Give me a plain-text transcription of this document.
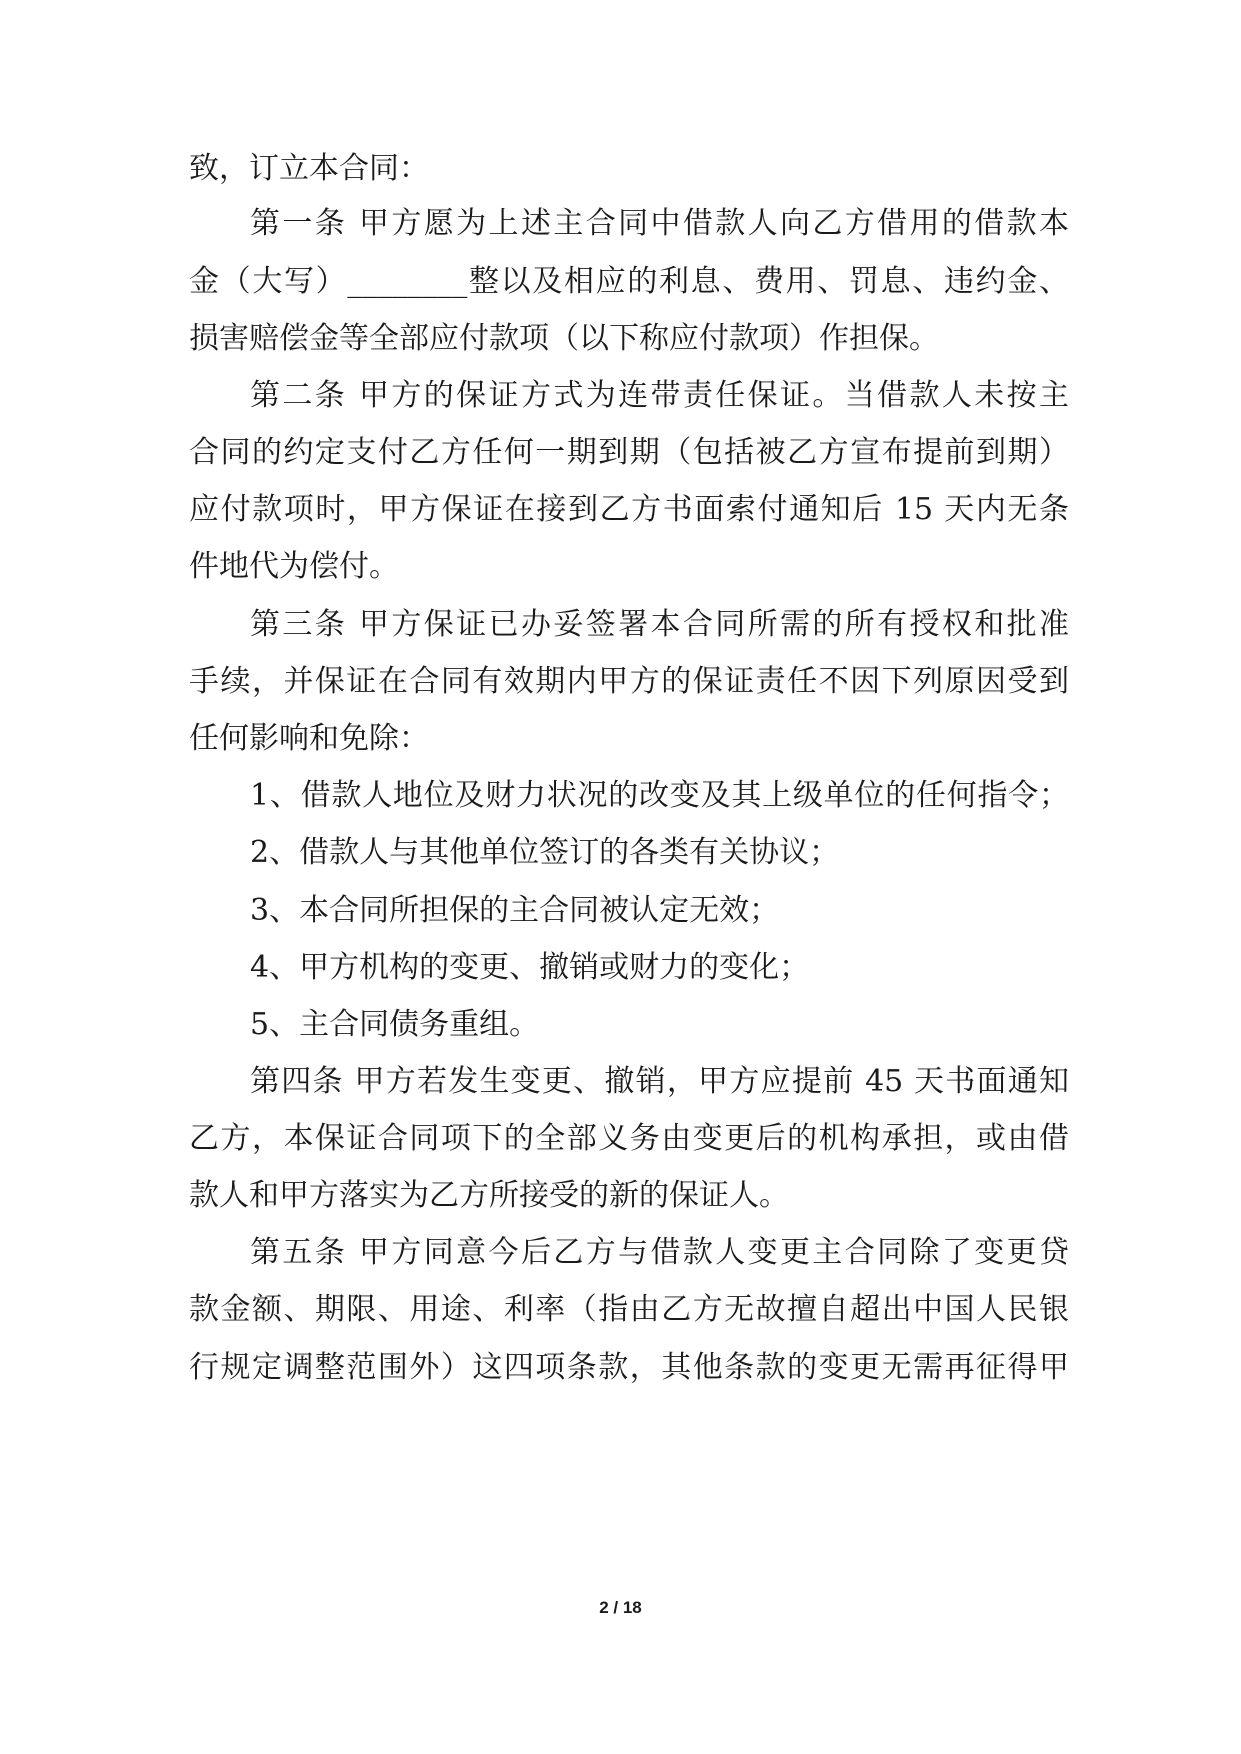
致，订立本合同：
第一条 甲方愿为上述主合同中借款人向乙方借用的借款本
金（大写）________整以及相应的利息、费用、罚息、违约金、
损害赔偿金等全部应付款项（以下称应付款项）作担保。
第二条 甲方的保证方式为连带责任保证。当借款人未按主
合同的约定支付乙方任何一期到期（包括被乙方宣布提前到期）
应付款项时，甲方保证在接到乙方书面索付通知后 15 天内无条
件地代为偿付。
第三条 甲方保证已办妥签署本合同所需的所有授权和批准
手续，并保证在合同有效期内甲方的保证责任不因下列原因受到
任何影响和免除：
1、借款人地位及财力状况的改变及其上级单位的任何指令；
2、借款人与其他单位签订的各类有关协议；
3、本合同所担保的主合同被认定无效；
4、甲方机构的变更、撤销或财力的变化；
5、主合同债务重组。
第四条 甲方若发生变更、撤销，甲方应提前 45 天书面通知
乙方，本保证合同项下的全部义务由变更后的机构承担，或由借
款人和甲方落实为乙方所接受的新的保证人。
第五条 甲方同意今后乙方与借款人变更主合同除了变更贷
款金额、期限、用途、利率（指由乙方无故擅自超出中国人民银
行规定调整范围外）这四项条款，其他条款的变更无需再征得甲
2 / 18
